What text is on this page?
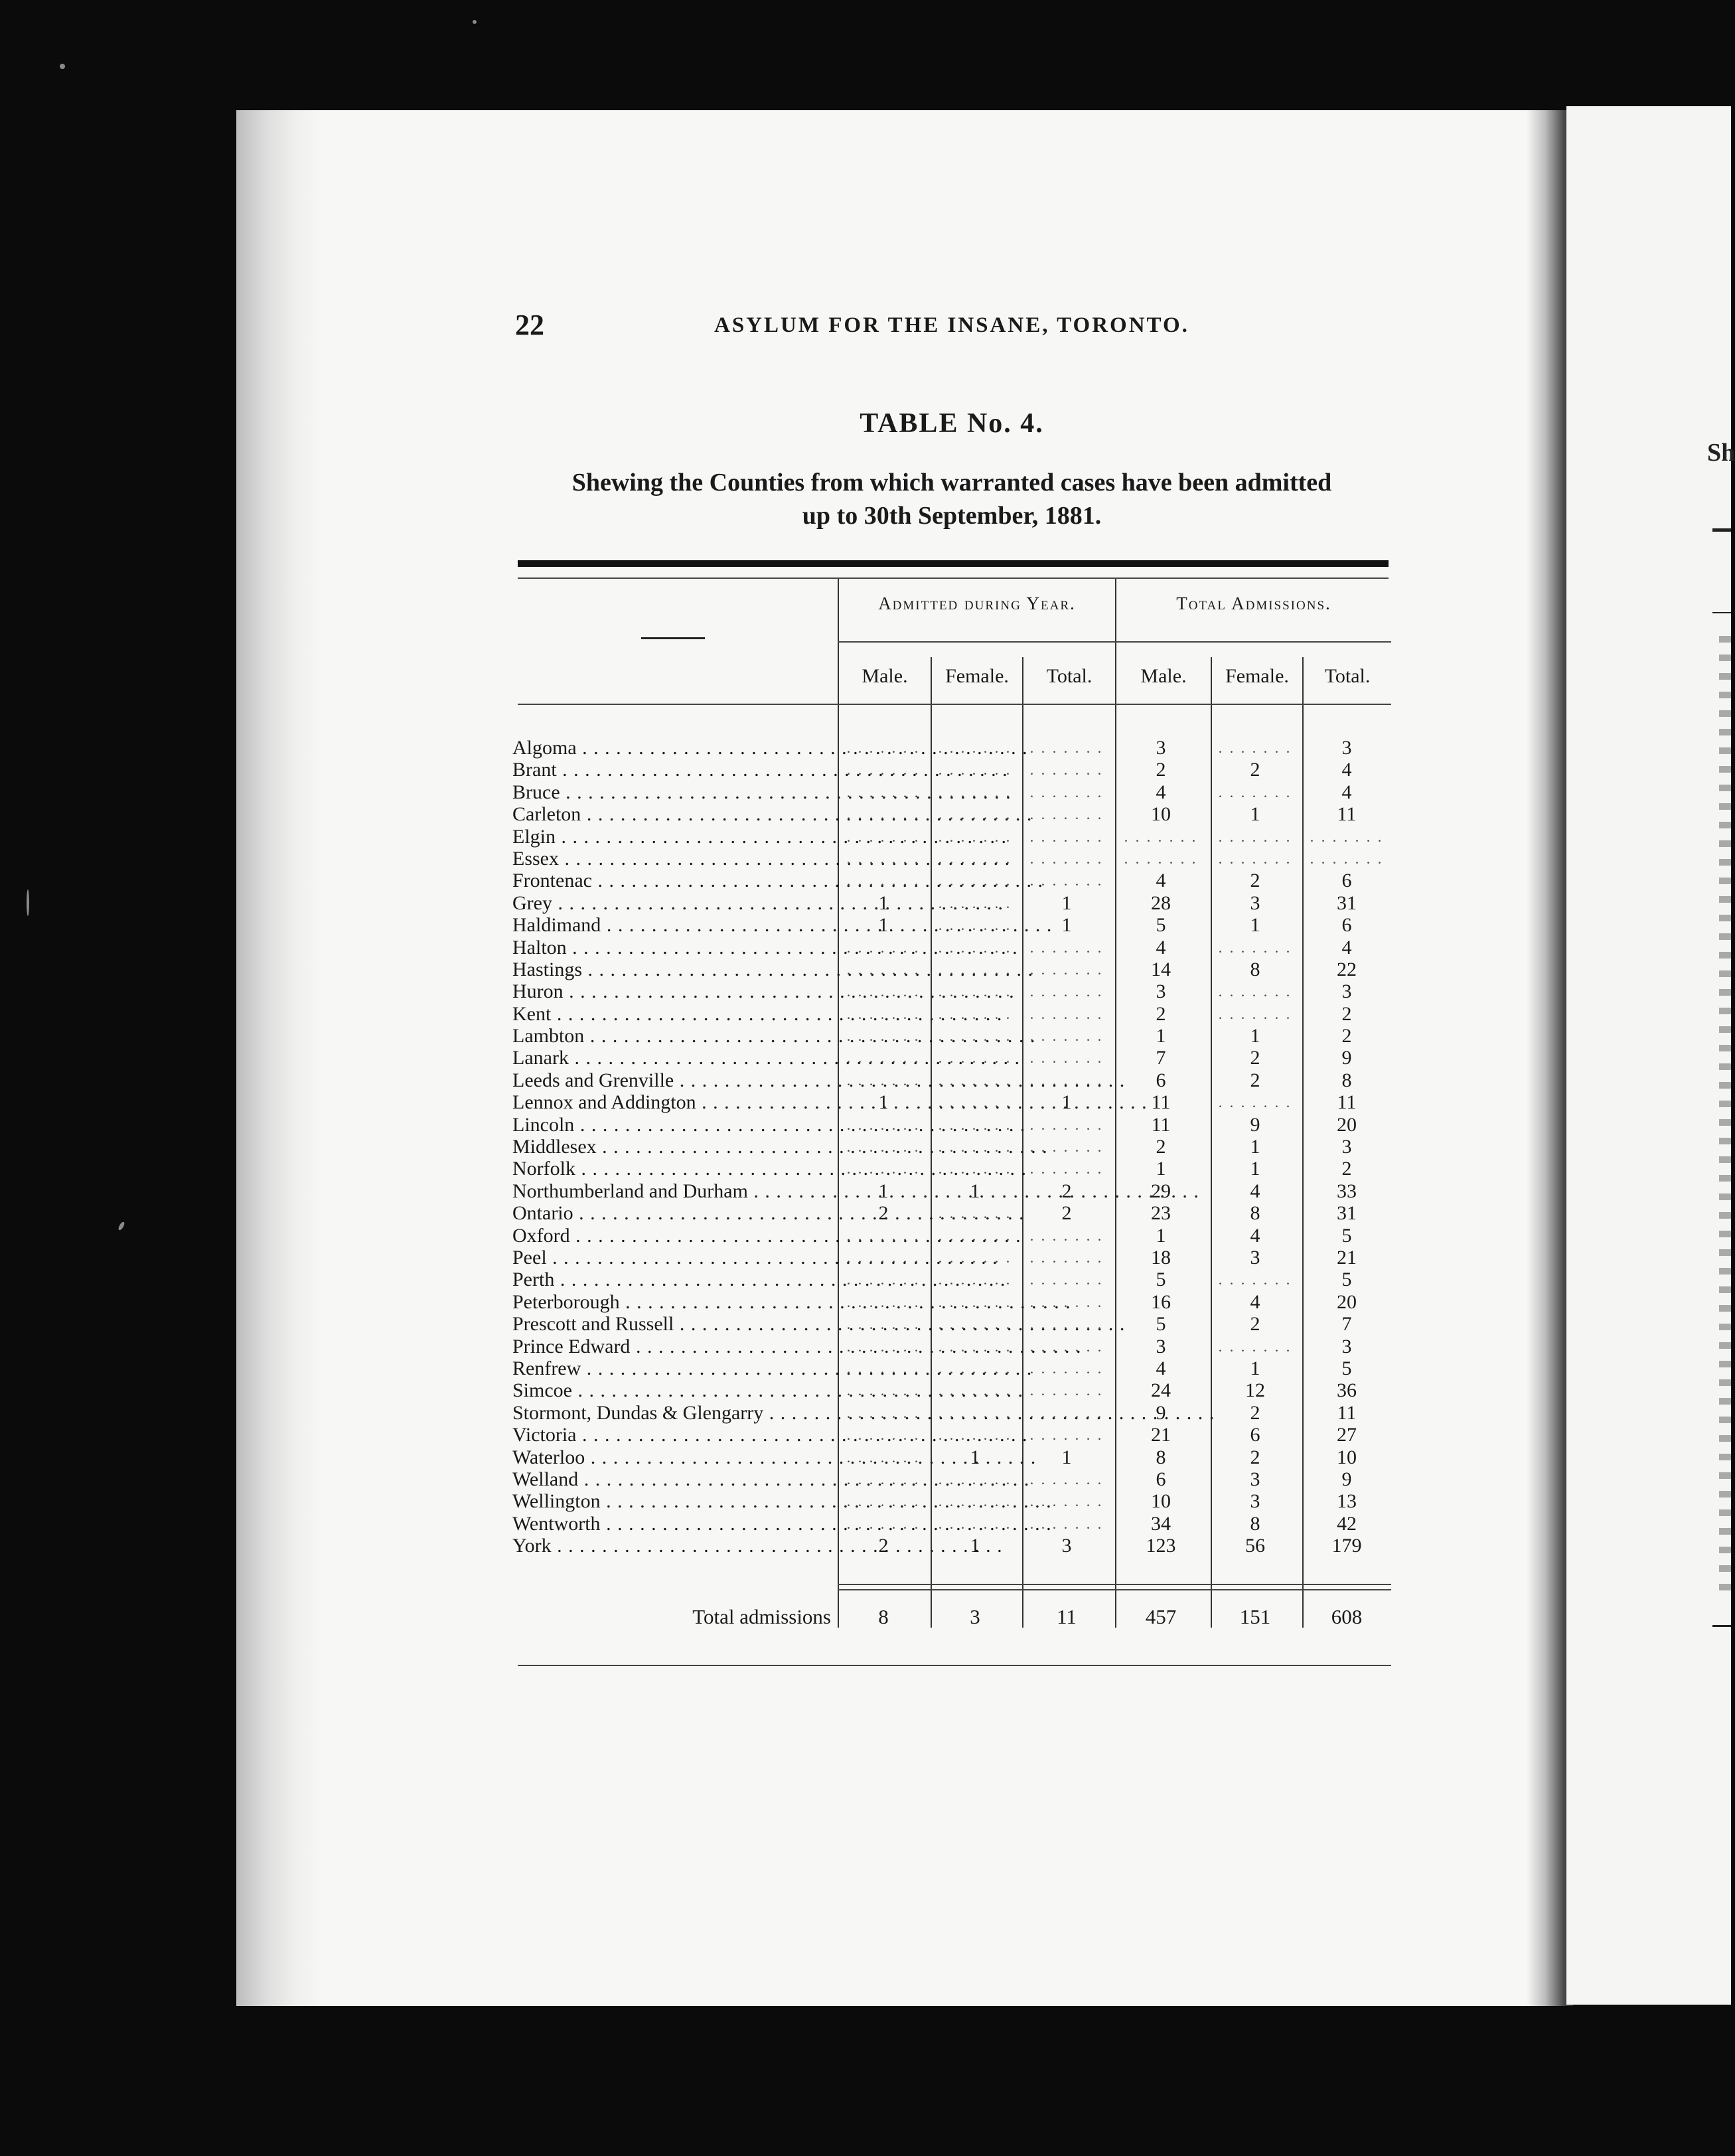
Sh
22	ASYLUM FOR THE INSANE, TORONTO.
TABLE No. 4.
Shewing the Counties from which warranted cases have been admitted
up to 30th September, 1881.
Admitted during Year.	Total Admissions.
Male.	Female.	Total.	Male.	Female.	Total.
Algoma . . .	. . . . . . .	. . . . . . .	. . . . . . .	3	. . . . . . .	3
Brant . . .	. . . . . . .	. . . . . . .	. . . . . . .	2	2	4
Bruce . . .	. . . . . . .	. . . . . . .	. . . . . . .	4	. . . . . . .	4
Carleton . . .	. . . . . . .	. . . . . . .	. . . . . . .	10	1	11
Elgin . . .	. . . . . . .	. . . . . . .	. . . . . . .	. . . . . . .	. . . . . . .	. . . . . . .
Essex . . .	. . . . . . .	. . . . . . .	. . . . . . .	. . . . . . .	. . . . . . .	. . . . . . .
Frontenac . . .	. . . . . . .	. . . . . . .	. . . . . . .	4	2	6
Grey . . .	1	. . . . . . .	1	28	3	31
Haldimand . . .	1	. . . . . . .	1	5	1	6
Halton . . .	. . . . . . .	. . . . . . .	. . . . . . .	4	. . . . . . .	4
Hastings . . .	. . . . . . .	. . . . . . .	. . . . . . .	14	8	22
Huron . . .	. . . . . . .	. . . . . . .	. . . . . . .	3	. . . . . . .	3
Kent . . .	. . . . . . .	. . . . . . .	. . . . . . .	2	. . . . . . .	2
Lambton . . .	. . . . . . .	. . . . . . .	. . . . . . .	1	1	2
Lanark . . .	. . . . . . .	. . . . . . .	. . . . . . .	7	2	9
Leeds and Grenville . . .	. . . . . . .	. . . . . . .	. . . . . . .	6	2	8
Lennox and Addington . . .	1	. . . . . . .	1	11	. . . . . . .	11
Lincoln . . .	. . . . . . .	. . . . . . .	. . . . . . .	11	9	20
Middlesex . . .	. . . . . . .	. . . . . . .	. . . . . . .	2	1	3
Norfolk . . .	. . . . . . .	. . . . . . .	. . . . . . .	1	1	2
Northumberland and Durham . . .	1	1	2	29	4	33
Ontario . . .	2	. . . . . . .	2	23	8	31
Oxford . . .	. . . . . . .	. . . . . . .	. . . . . . .	1	4	5
Peel . . .	. . . . . . .	. . . . . . .	. . . . . . .	18	3	21
Perth . . .	. . . . . . .	. . . . . . .	. . . . . . .	5	. . . . . . .	5
Peterborough . . .	. . . . . . .	. . . . . . .	. . . . . . .	16	4	20
Prescott and Russell . . .	. . . . . . .	. . . . . . .	. . . . . . .	5	2	7
Prince Edward . . .	. . . . . . .	. . . . . . .	. . . . . . .	3	. . . . . . .	3
Renfrew . . .	. . . . . . .	. . . . . . .	. . . . . . .	4	1	5
Simcoe . . .	. . . . . . .	. . . . . . .	. . . . . . .	24	12	36
Stormont, Dundas & Glengarry . . .	. . . . . . .	. . . . . . .	. . . . . . .	9	2	11
Victoria . . .	. . . . . . .	. . . . . . .	. . . . . . .	21	6	27
Waterloo . . .	. . . . . . .	1	1	8	2	10
Welland . . .	. . . . . . .	. . . . . . .	. . . . . . .	6	3	9
Wellington . . .	. . . . . . .	. . . . . . .	. . . . . . .	10	3	13
Wentworth . . .	. . . . . . .	. . . . . . .	. . . . . . .	34	8	42
York . . .	2	1	3	123	56	179
Total admissions	8	3	11	457	151	608
